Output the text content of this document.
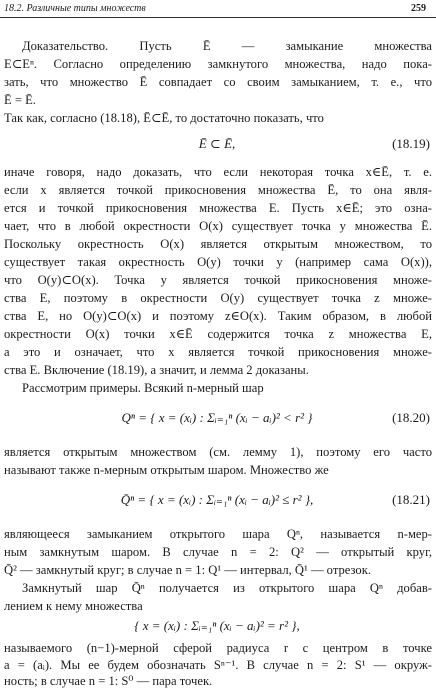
18.2. Различные типы множеств	259
Доказательство. Пусть Ē — замыкание множества
E⊂Eⁿ. Согласно определению замкнутого множества, надо пока-
зать, что множество Ē совпадает со своим замыканием, т. е., что
Ē = Ē.
Так как, согласно (18.18), Ē⊂Ē, то достаточно показать, что
Ē ⊂ Ē,	(18.19)
иначе говоря, надо доказать, что если некоторая точка x∈Ē, т. е.
если x является точкой прикосновения множества Ē, то она явля-
ется и точкой прикосновения множества E. Пусть x∈Ē; это озна-
чает, что в любой окрестности O(x) существует точка y множества Ē.
Поскольку окрестность O(x) является открытым множеством, то
существует такая окрестность O(y) точки y (например сама O(x)),
что O(y)⊂O(x). Точка y является точкой прикосновения множе-
ства E, поэтому в окрестности O(y) существует точка z множе-
ства E, но O(y)⊂O(x) и поэтому z∈O(x). Таким образом, в любой
окрестности O(x) точки x∈Ē содержится точка z множества E,
а это и означает, что x является точкой прикосновения множе-
ства E. Включение (18.19), а значит, и лемма 2 доказаны.
Рассмотрим примеры. Всякий n-мерный шар
Qⁿ = { x = (xᵢ) : Σᵢ₌₁ⁿ (xᵢ − aᵢ)² < r² }	(18.20)
является открытым множеством (см. лемму 1), поэтому его часто
называют также n-мерным открытым шаром. Множество же
Q̄ⁿ = { x = (xᵢ) : Σᵢ₌₁ⁿ (xᵢ − aᵢ)² ≤ r² },	(18.21)
являющееся замыканием открытого шара Qⁿ, называется n-мер-
ным замкнутым шаром. В случае n = 2: Q² — открытый круг,
Q̄² — замкнутый круг; в случае n = 1: Q¹ — интервал, Q̄¹ — отрезок.
Замкнутый шар Q̄ⁿ получается из открытого шара Qⁿ добав-
лением к нему множества
{ x = (xᵢ) : Σᵢ₌₁ⁿ (xᵢ − aᵢ)² = r² },
называемого (n−1)-мерной сферой радиуса r с центром в точке
a = (aᵢ). Мы ее будем обозначать Sⁿ⁻¹. В случае n = 2: S¹ — окруж-
ность; в случае n = 1: S⁰ — пара точек.
